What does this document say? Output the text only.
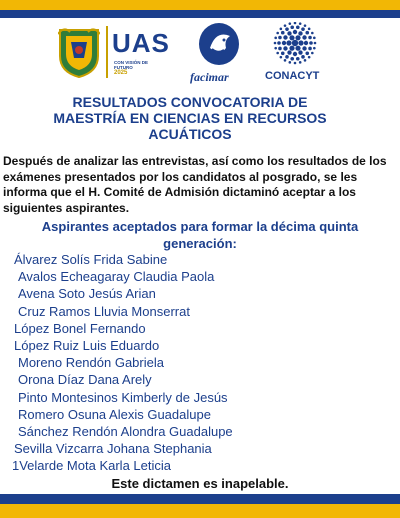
UAS
CON VISIÓN DE FUTURO
2025	facimar	CONACYT

RESULTADOS CONVOCATORIA DE MAESTRÍA EN CIENCIAS EN RECURSOS ACUÁTICOS

Después de analizar las entrevistas, así como los resultados de los exámenes presentados por los candidatos al posgrado, se les informa que el H. Comité de Admisión dictaminó aceptar a los siguientes aspirantes.

Aspirantes aceptados para formar la décima quinta generación:

Álvarez Solís Frida Sabine
Avalos Echeagaray Claudia Paola
Avena Soto Jesús Arian
Cruz Ramos Lluvia Monserrat
López Bonel Fernando
López Ruiz Luis Eduardo
Moreno Rendón Gabriela
Orona Díaz Dana Arely
Pinto Montesinos Kimberly de Jesús
Romero Osuna Alexis Guadalupe
Sánchez Rendón Alondra Guadalupe
Sevilla Vizcarra Johana Stephania
1Velarde Mota Karla Leticia

Este dictamen es inapelable.
